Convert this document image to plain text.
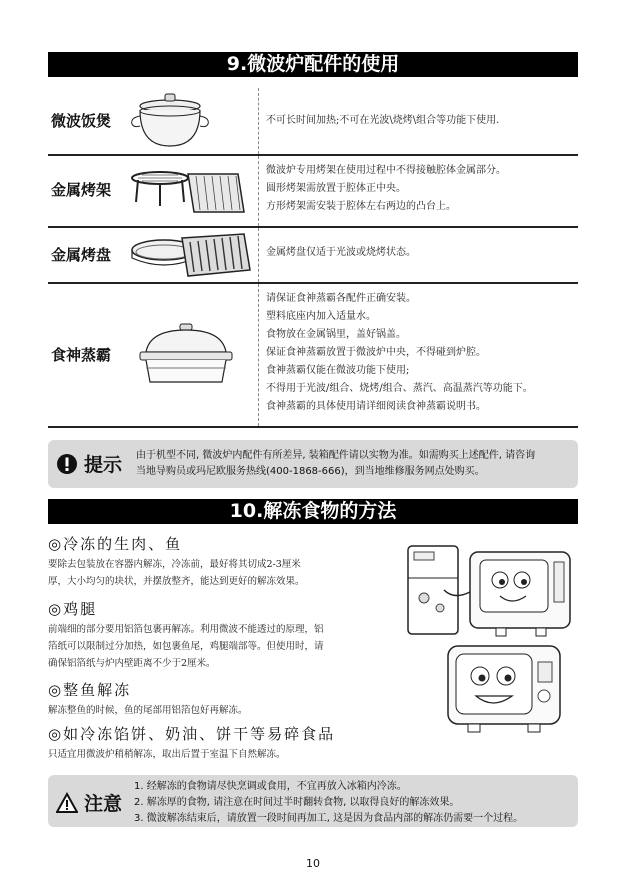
9.微波炉配件的使用
微波饭煲	不可长时间加热;不可在光波\烧烤\组合等功能下使用.
金属烤架
微波炉专用烤架在使用过程中不得接触腔体金属部分。
圆形烤架需放置于腔体正中央。
方形烤架需安装于腔体左右两边的凸台上。
金属烤盘	金属烤盘仅适于光波或烧烤状态。
食神蒸霸
请保证食神蒸霸各配件正确安装。
塑料底座内加入适量水。
食物放在金属锅里，盖好锅盖。
保证食神蒸霸放置于微波炉中央，不得碰到炉腔。
食神蒸霸仅能在微波功能下使用;
不得用于光波/组合、烧烤/组合、蒸汽、高温蒸汽等功能下。
食神蒸霸的具体使用请详细阅读食神蒸霸说明书。
提示 由于机型不同, 微波炉内配件有所差异, 装箱配件请以实物为准。如需购买上述配件, 请咨询
当地导购员或玛尼欧服务热线(400-1868-666)，到当地维修服务网点处购买。
10.解冻食物的方法
◎冷冻的生肉、鱼
要除去包装放在容器内解冻，冷冻前，最好将其切成2-3厘米
厚，大小均匀的块状，并摆放整齐，能达到更好的解冻效果。
◎鸡腿
前端细的部分要用铝箔包裹再解冻。利用微波不能透过的原理，铝
箔纸可以限制过分加热，如包裹鱼尾，鸡腿端部等。但使用时，请
确保铝箔纸与炉内壁距离不少于2厘米。
◎整鱼解冻
解冻整鱼的时候，鱼的尾部用铝箔包好再解冻。
◎如冷冻馅饼、奶油、饼干等易碎食品
只适宜用微波炉稍稍解冻，取出后置于室温下自然解冻。
注意
1. 经解冻的食物请尽快烹调或食用，不宜再放入冰箱内冷冻。
2. 解冻厚的食物, 请注意在时间过半时翻转食物, 以取得良好的解冻效果。
3. 微波解冻结束后，请放置一段时间再加工, 这是因为食品内部的解冻仍需要一个过程。
10
